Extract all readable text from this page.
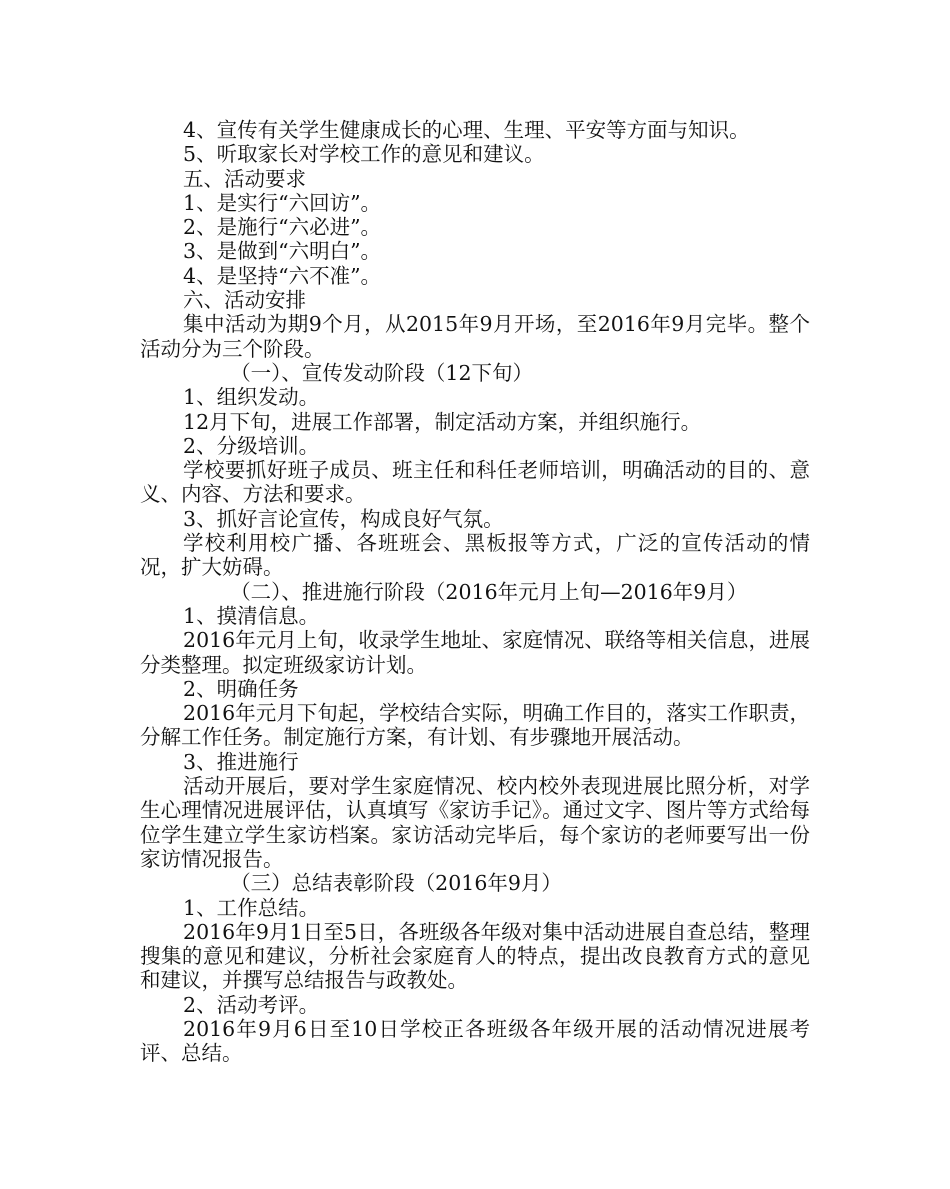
4、宣传有关学生健康成长的心理、生理、平安等方面与知识。

5、听取家长对学校工作的意见和建议。

五、活动要求

1、是实行“六回访”。

2、是施行“六必进”。

3、是做到“六明白”。

4、是坚持“六不准”。

六、活动安排

集中活动为期9个月，从2015年9月开场，至2016年9月完毕。整个活动分为三个阶段。

（一）、宣传发动阶段（12下旬）

1、组织发动。

12月下旬，进展工作部署，制定活动方案，并组织施行。

2、分级培训。

学校要抓好班子成员、班主任和科任老师培训，明确活动的目的、意义、内容、方法和要求。

3、抓好言论宣传，构成良好气氛。

学校利用校广播、各班班会、黑板报等方式，广泛的宣传活动的情况，扩大妨碍。

（二）、推进施行阶段（2016年元月上旬—2016年9月）

1、摸清信息。

2016年元月上旬，收录学生地址、家庭情况、联络等相关信息，进展分类整理。拟定班级家访计划。

2、明确任务

2016年元月下旬起，学校结合实际，明确工作目的，落实工作职责，分解工作任务。制定施行方案，有计划、有步骤地开展活动。

3、推进施行

活动开展后，要对学生家庭情况、校内校外表现进展比照分析，对学生心理情况进展评估，认真填写《家访手记》。通过文字、图片等方式给每位学生建立学生家访档案。家访活动完毕后，每个家访的老师要写出一份家访情况报告。

（三）总结表彰阶段（2016年9月）

1、工作总结。

2016年9月1日至5日，各班级各年级对集中活动进展自查总结，整理搜集的意见和建议，分析社会家庭育人的特点，提出改良教育方式的意见和建议，并撰写总结报告与政教处。

2、活动考评。

2016年9月6日至10日学校正各班级各年级开展的活动情况进展考评、总结。
